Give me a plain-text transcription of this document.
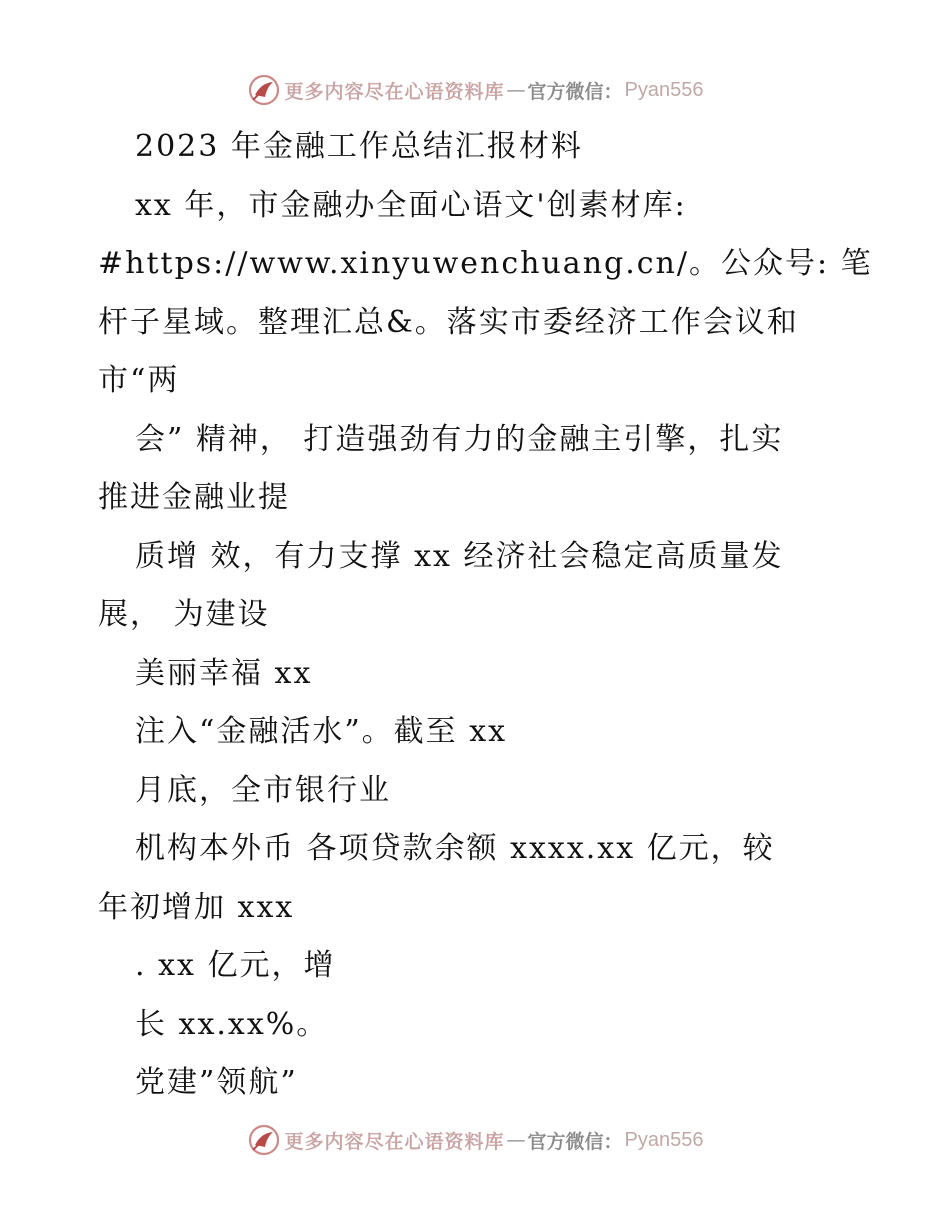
更多内容尽在心语资料库 — 官方微信： Pyan556
2023 年金融工作总结汇报材料
xx 年，市金融办全面心语文'创素材库:
#https://www.xinyuwenchuang.cn/。公众号: 笔
杆子星域。整理汇总&。落实市委经济工作会议和
市“两
会” 精神， 打造强劲有力的金融主引擎，扎实
推进金融业提
质增 效，有力支撑 xx 经济社会稳定高质量发
展， 为建设
美丽幸福 xx
注入“金融活水”。截至 xx
月底，全市银行业
机构本外币 各项贷款余额 xxxx.xx 亿元，较
年初增加 xxx
. xx 亿元，增
长 xx.xx%。
党建”领航”
更多内容尽在心语资料库 — 官方微信： Pyan556
